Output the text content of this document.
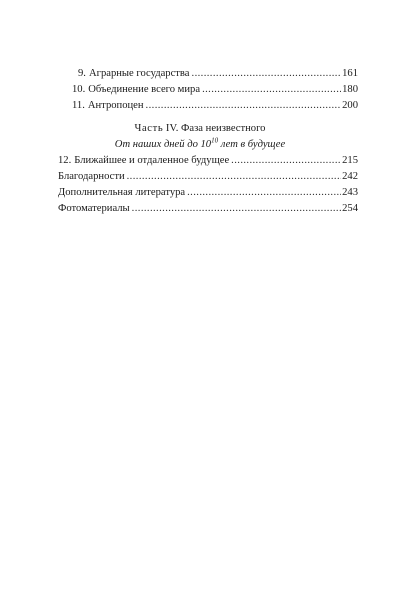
9. Аграрные государства .....	161
10. Объединение всего мира .....	180
11. Антропоцен .....	200
Часть IV. Фаза неизвестного
От наших дней до $10^{10}$ лет в будущее
12. Ближайшее и отдаленное будущее .....	215
Благодарности .....	242
Дополнительная литература .....	243
Фотоматериалы .....	254
